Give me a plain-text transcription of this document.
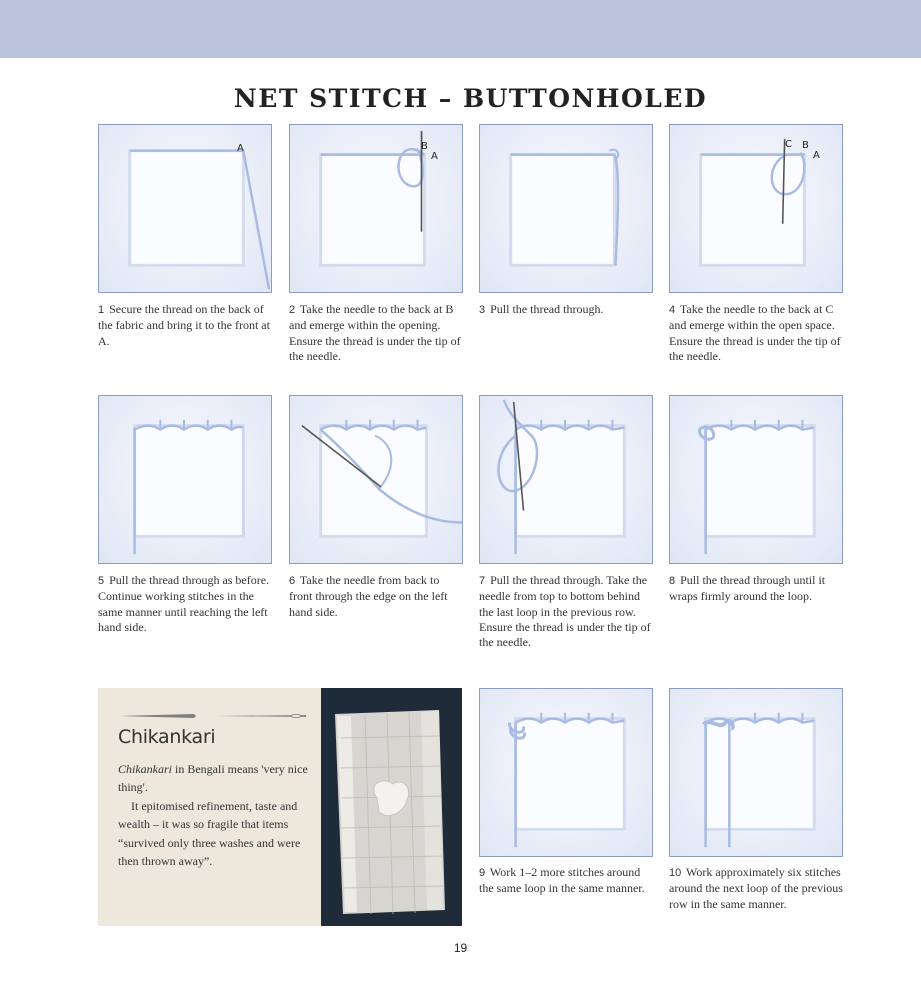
NET STITCH – BUTTONHOLED
A

1 Secure the thread on the back of the fabric and bring it to the front at A.

B
A

2 Take the needle to the back at B and emerge within the opening. Ensure the thread is under the tip of the needle.

3 Pull the thread through.

C B
A

4 Take the needle to the back at C and emerge within the open space. Ensure the thread is under the tip of the needle.

5 Pull the thread through as before. Continue working stitches in the same manner until reaching the left hand side.

6 Take the needle from back to front through the edge on the left hand side.

7 Pull the thread through. Take the needle from top to bottom behind the last loop in the previous row. Ensure the thread is under the tip of the needle.

8 Pull the thread through until it wraps firmly around the loop.

Chikankari

Chikankari in Bengali means 'very nice thing'.

It epitomised refinement, taste and wealth – it was so fragile that items “survived only three washes and were then thrown away”.

9 Work 1–2 more stitches around the same loop in the same manner.

10 Work approximately six stitches around the next loop of the previous row in the same manner.

19
